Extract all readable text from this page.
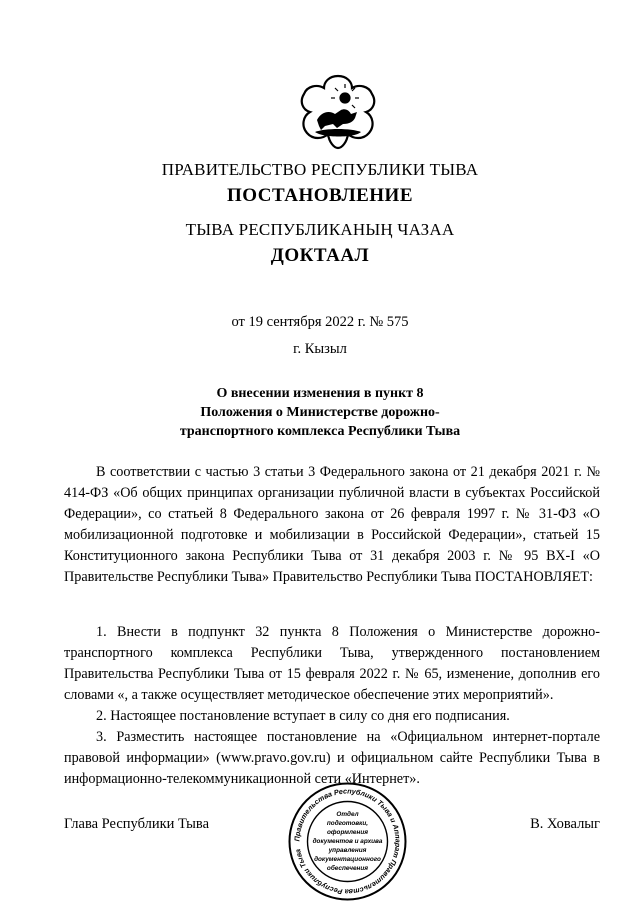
ПРАВИТЕЛЬСТВО РЕСПУБЛИКИ ТЫВА
ПОСТАНОВЛЕНИЕ
ТЫВА РЕСПУБЛИКАНЫҢ ЧАЗАА
ДОКТААЛ
от 19 сентября 2022 г. № 575
г. Кызыл
О внесении изменения в пункт 8
Положения о Министерстве дорожно-
транспортного комплекса Республики Тыва

В соответствии с частью 3 статьи 3 Федерального закона от 21 декабря 2021 г. № 414-ФЗ «Об общих принципах организации публичной власти в субъектах Российской Федерации», со статьей 8 Федерального закона от 26 февраля 1997 г. № 31-ФЗ «О мобилизационной подготовке и мобилизации в Российской Федерации», статьей 15 Конституционного закона Республики Тыва от 31 декабря 2003 г. № 95 ВХ-I «О Правительстве Республики Тыва» Правительство Республики Тыва ПОСТАНОВЛЯЕТ:

1. Внести в подпункт 32 пункта 8 Положения о Министерстве дорожно-транспортного комплекса Республики Тыва, утвержденного постановлением Правительства Республики Тыва от 15 февраля 2022 г. № 65, изменение, дополнив его словами «, а также осуществляет методическое обеспечение этих мероприятий».

2. Настоящее постановление вступает в силу со дня его подписания.

3. Разместить настоящее постановление на «Официальном интернет-портале правовой информации» (www.pravo.gov.ru) и официальном сайте Республики Тыва в информационно-телекоммуникационной сети «Интернет».

Глава Республики Тыва	В. Ховалыг
Правительства Республики Тыва и Аппарат Правительства Республики Тыва
Отдел
подготовки,
оформления
документов и архива
управления
документационного
обеспечения
